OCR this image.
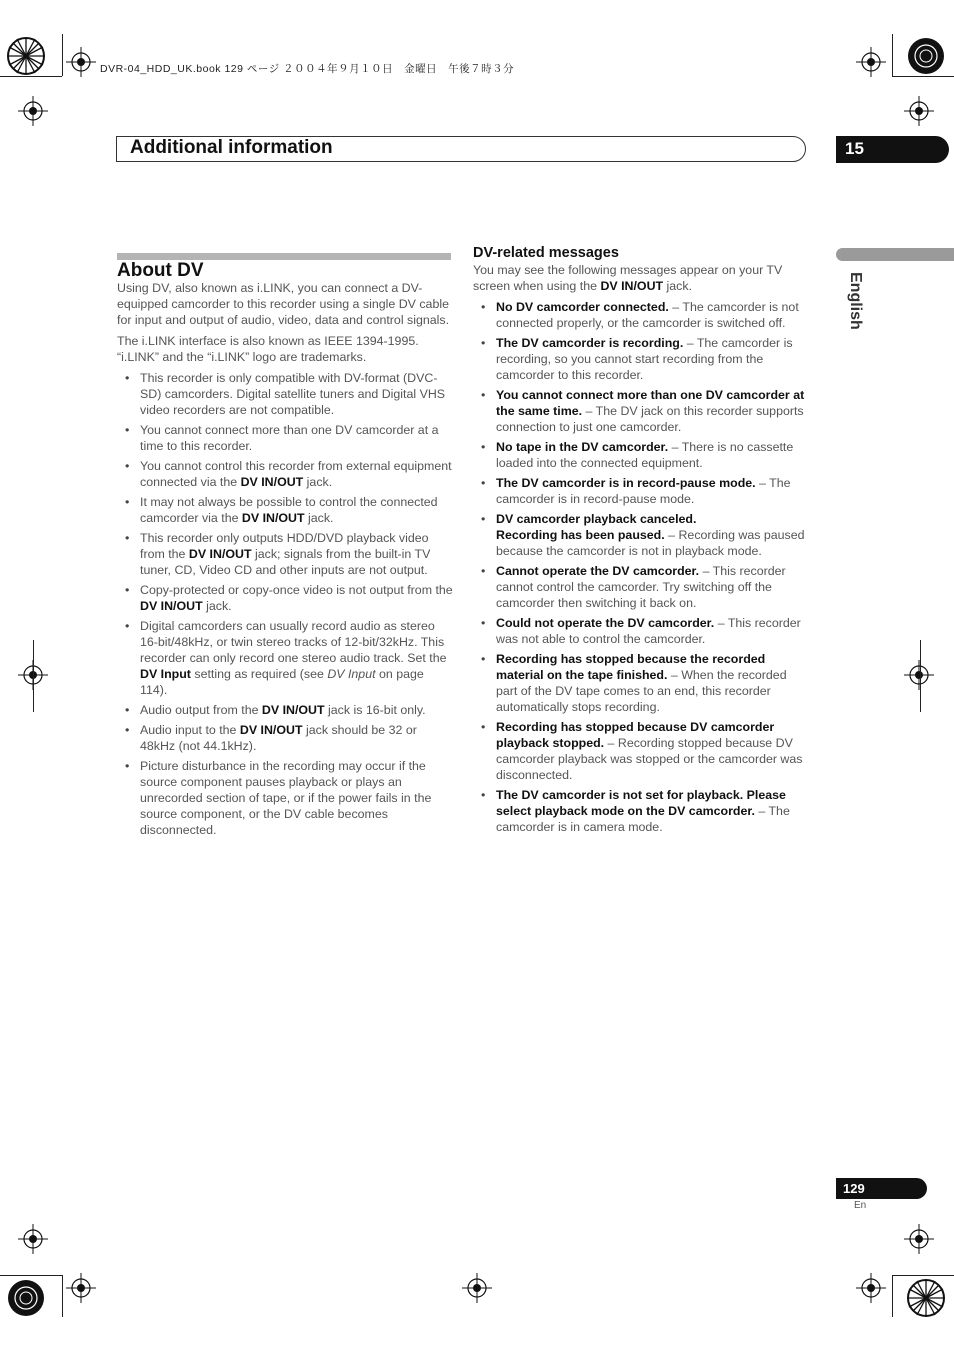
DVR-04_HDD_UK.book 129 ページ ２００４年９月１０日　金曜日　午後７時３分
Additional information	15
English
About DV

Using DV, also known as i.LINK, you can connect a DV-equipped camcorder to this recorder using a single DV cable for input and output of audio, video, data and control signals.

The i.LINK interface is also known as IEEE 1394-1995. “i.LINK” and the “i.LINK” logo are trademarks.

• This recorder is only compatible with DV-format (DVC-SD) camcorders. Digital satellite tuners and Digital VHS video recorders are not compatible.
• You cannot connect more than one DV camcorder at a time to this recorder.
• You cannot control this recorder from external equipment connected via the DV IN/OUT jack.
• It may not always be possible to control the connected camcorder via the DV IN/OUT jack.
• This recorder only outputs HDD/DVD playback video from the DV IN/OUT jack; signals from the built-in TV tuner, CD, Video CD and other inputs are not output.
• Copy-protected or copy-once video is not output from the DV IN/OUT jack.
• Digital camcorders can usually record audio as stereo 16-bit/48kHz, or twin stereo tracks of 12-bit/32kHz. This recorder can only record one stereo audio track. Set the DV Input setting as required (see DV Input on page 114).
• Audio output from the DV IN/OUT jack is 16-bit only.
• Audio input to the DV IN/OUT jack should be 32 or 48kHz (not 44.1kHz).
• Picture disturbance in the recording may occur if the source component pauses playback or plays an unrecorded section of tape, or if the power fails in the source component, or the DV cable becomes disconnected.
DV-related messages

You may see the following messages appear on your TV screen when using the DV IN/OUT jack.

• No DV camcorder connected. – The camcorder is not connected properly, or the camcorder is switched off.
• The DV camcorder is recording. – The camcorder is recording, so you cannot start recording from the camcorder to this recorder.
• You cannot connect more than one DV camcorder at the same time. – The DV jack on this recorder supports connection to just one camcorder.
• No tape in the DV camcorder. – There is no cassette loaded into the connected equipment.
• The DV camcorder is in record-pause mode. – The camcorder is in record-pause mode.
• DV camcorder playback canceled.
Recording has been paused. – Recording was paused because the camcorder is not in playback mode.
• Cannot operate the DV camcorder. – This recorder cannot control the camcorder. Try switching off the camcorder then switching it back on.
• Could not operate the DV camcorder. – This recorder was not able to control the camcorder.
• Recording has stopped because the recorded material on the tape finished. – When the recorded part of the DV tape comes to an end, this recorder automatically stops recording.
• Recording has stopped because DV camcorder playback stopped. – Recording stopped because DV camcorder playback was stopped or the camcorder was disconnected.
• The DV camcorder is not set for playback. Please select playback mode on the DV camcorder. – The camcorder is in camera mode.
129
En
